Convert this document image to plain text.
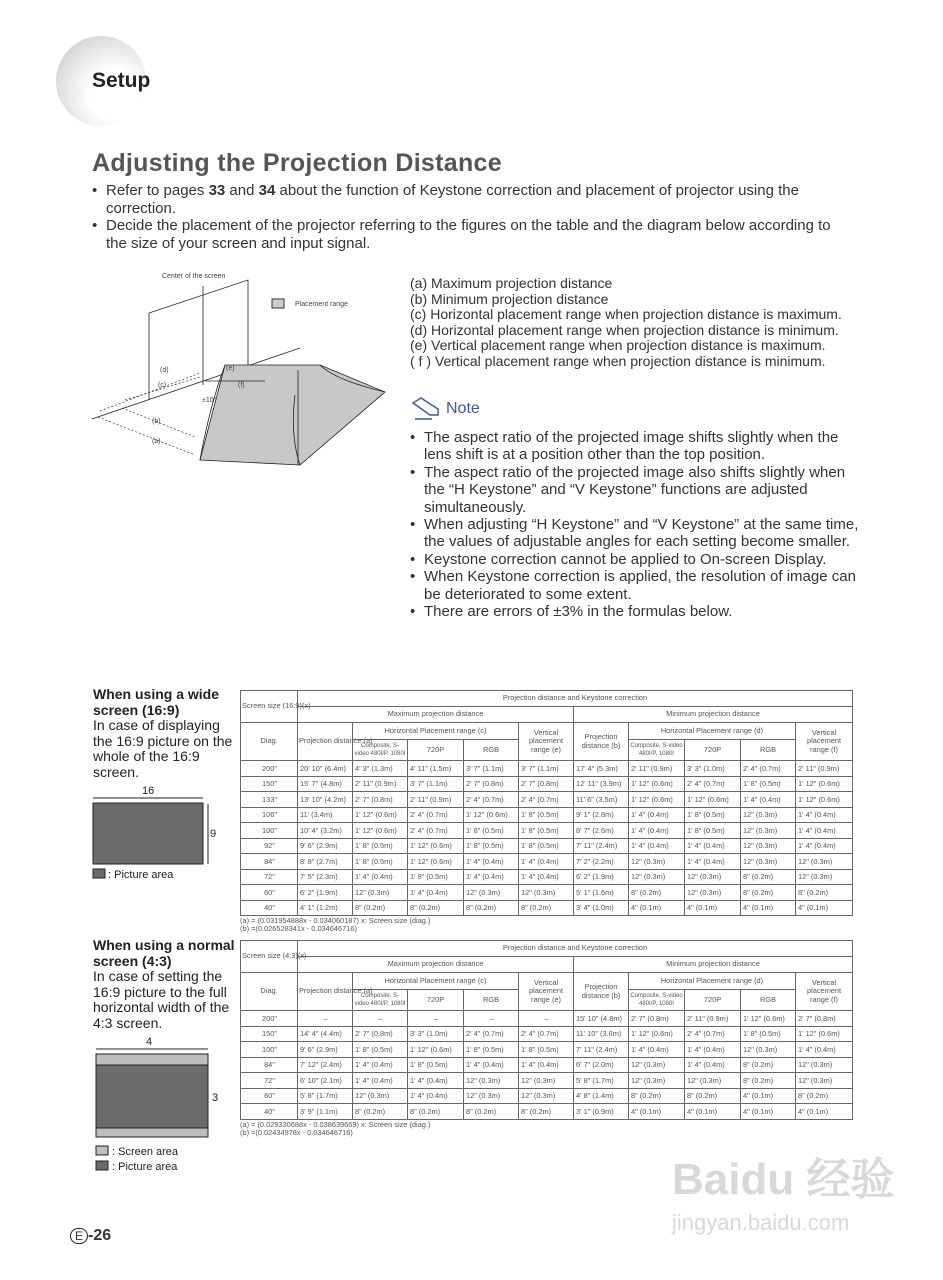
Setup
Adjusting the Projection Distance
• Refer to pages 33 and 34 about the function of Keystone correction and placement of projector using the correction.
• Decide the placement of the projector referring to the figures on the table and the diagram below according to the size of your screen and input signal.
Center of the screen
Placement range
(d)
(c)
(b)
(a)
(e)
(f)
±10°
(a) Maximum projection distance
(b) Minimum projection distance
(c) Horizontal placement range when projection distance is maximum.
(d) Horizontal placement range when projection distance is minimum.
(e) Vertical placement range when projection distance is maximum.
( f ) Vertical placement range when projection distance is minimum.
Note
• The aspect ratio of the projected image shifts slightly when the lens shift is at a position other than the top position.
• The aspect ratio of the projected image also shifts slightly when the “H Keystone” and “V Keystone” functions are adjusted simultaneously.
• When adjusting “H Keystone” and “V Keystone” at the same time, the values of adjustable angles for each setting become smaller.
• Keystone correction cannot be applied to On-screen Display.
• When Keystone correction is applied, the resolution of image can be deteriorated to some extent.
• There are errors of ±3% in the formulas below.
When using a wide screen (16:9)
In case of displaying the 16:9 picture on the whole of the 16:9 screen.
16
9
: Picture area
When using a normal screen (4:3)
In case of setting the 16:9 picture to the full horizontal width of the 4:3 screen.
4
3
: Screen area
: Picture area
Screen size (16:9)(x)	Projection distance and Keystone correction									
	Maximum projection distance					Minimum projection distance				
Diag.	Projection distance (a)	Horizontal Placement range (c)			Vertical placement range (e)	Projection distance (b)	Horizontal Placement range (d)			Vertical placement range (f)
		Composite, S-video 480I/P, 1080I	720P	RGB			Composite, S-video 480I/P, 1080I	720P	RGB	
200"	20' 10" (6.4m)	4' 3" (1.3m)	4' 11" (1.5m)	3' 7" (1.1m)	3' 7" (1.1m)	17' 4" (5.3m)	2' 11" (0.9m)	3' 3" (1.0m)	2' 4" (0.7m)	2' 11" (0.9m)
150"	15' 7" (4.8m)	2' 11" (0.9m)	3' 7" (1.1m)	2' 7" (0.8m)	2' 7" (0.8m)	12' 11" (3.9m)	1' 12" (0.6m)	2' 4" (0.7m)	1' 8" (0.5m)	1' 12" (0.6m)
133"	13' 10" (4.2m)	2' 7" (0.8m)	2' 11" (0.9m)	2' 4" (0.7m)	2' 4" (0.7m)	11' 6" (3.5m)	1' 12" (0.6m)	1' 12" (0.6m)	1' 4" (0.4m)	1' 12" (0.6m)
106"	11' (3.4m)	1' 12" (0.6m)	2' 4" (0.7m)	1' 12" (0.6m)	1' 8" (0.5m)	9' 1" (2.8m)	1' 4" (0.4m)	1' 8" (0.5m)	12" (0.3m)	1' 4" (0.4m)
100"	10' 4" (3.2m)	1' 12" (0.6m)	2' 4" (0.7m)	1' 8" (0.5m)	1' 8" (0.5m)	8' 7" (2.6m)	1' 4" (0.4m)	1' 8" (0.5m)	12" (0.3m)	1' 4" (0.4m)
92"	9' 6" (2.9m)	1' 8" (0.5m)	1' 12" (0.6m)	1' 8" (0.5m)	1' 8" (0.5m)	7' 11" (2.4m)	1' 4" (0.4m)	1' 4" (0.4m)	12" (0.3m)	1' 4" (0.4m)
84"	8' 8" (2.7m)	1' 8" (0.5m)	1' 12" (0.6m)	1' 4" (0.4m)	1' 4" (0.4m)	7' 2" (2.2m)	12" (0.3m)	1' 4" (0.4m)	12" (0.3m)	12" (0.3m)
72"	7' 5" (2.3m)	1' 4" (0.4m)	1' 8" (0.5m)	1' 4" (0.4m)	1' 4" (0.4m)	6' 2" (1.9m)	12" (0.3m)	12" (0.3m)	8" (0.2m)	12" (0.3m)
60"	6' 2" (1.9m)	12" (0.3m)	1' 4" (0.4m)	12" (0.3m)	12" (0.3m)	5' 1" (1.6m)	8" (0.2m)	12" (0.3m)	8" (0.2m)	8" (0.2m)
40"	4' 1" (1.2m)	8" (0.2m)	8" (0.2m)	8" (0.2m)	8" (0.2m)	3' 4" (1.0m)	4" (0.1m)	4" (0.1m)	4" (0.1m)	4" (0.1m)
(a) = (0.031954888x - 0.034060187) x: Screen size (diag.)
(b) =(0.026528341x - 0.034646716)
Screen size (4:3)(x)	Projection distance and Keystone correction									
	Maximum projection distance					Minimum projection distance				
Diag.	Projection distance (a)	Horizontal Placement range (c)			Vertical placement range (e)	Projection distance (b)	Horizontal Placement range (d)			Vertical placement range (f)
		Composite, S-video 480I/P, 1080I	720P	RGB			Composite, S-video 480I/P, 1080I	720P	RGB	
200"	–	–	–	–	–	15' 10" (4.8m)	2' 7" (0.8m)	2' 11" (0.9m)	1' 12" (0.6m)	2' 7" (0.8m)
150"	14' 4" (4.4m)	2' 7" (0.8m)	3' 3" (1.0m)	2' 4" (0.7m)	2' 4" (0.7m)	11' 10" (3.6m)	1' 12" (0.6m)	2' 4" (0.7m)	1' 8" (0.5m)	1' 12" (0.6m)
100"	9' 6" (2.9m)	1' 8" (0.5m)	1' 12" (0.6m)	1' 8" (0.5m)	1' 8" (0.5m)	7' 11" (2.4m)	1' 4" (0.4m)	1' 4" (0.4m)	12" (0.3m)	1' 4" (0.4m)
84"	7' 12" (2.4m)	1' 4" (0.4m)	1' 8" (0.5m)	1' 4" (0.4m)	1' 4" (0.4m)	6' 7" (2.0m)	12" (0.3m)	1' 4" (0.4m)	8" (0.2m)	12" (0.3m)
72"	6' 10" (2.1m)	1' 4" (0.4m)	1' 4" (0.4m)	12" (0.3m)	12" (0.3m)	5' 8" (1.7m)	12" (0.3m)	12" (0.3m)	8" (0.2m)	12" (0.3m)
60"	5' 8" (1.7m)	12" (0.3m)	1' 4" (0.4m)	12" (0.3m)	12" (0.3m)	4' 8" (1.4m)	8" (0.2m)	8" (0.2m)	4" (0.1m)	8" (0.2m)
40"	3' 9" (1.1m)	8" (0.2m)	8" (0.2m)	8" (0.2m)	8" (0.2m)	3' 1" (0.9m)	4" (0.1m)	4" (0.1m)	4" (0.1m)	4" (0.1m)
(a) = (0.029330688x - 0.038639669) x: Screen size (diag.)
(b) =(0.02434978x - 0.034646716)
E -26
Baidu 经验
jingyan.baidu.com
